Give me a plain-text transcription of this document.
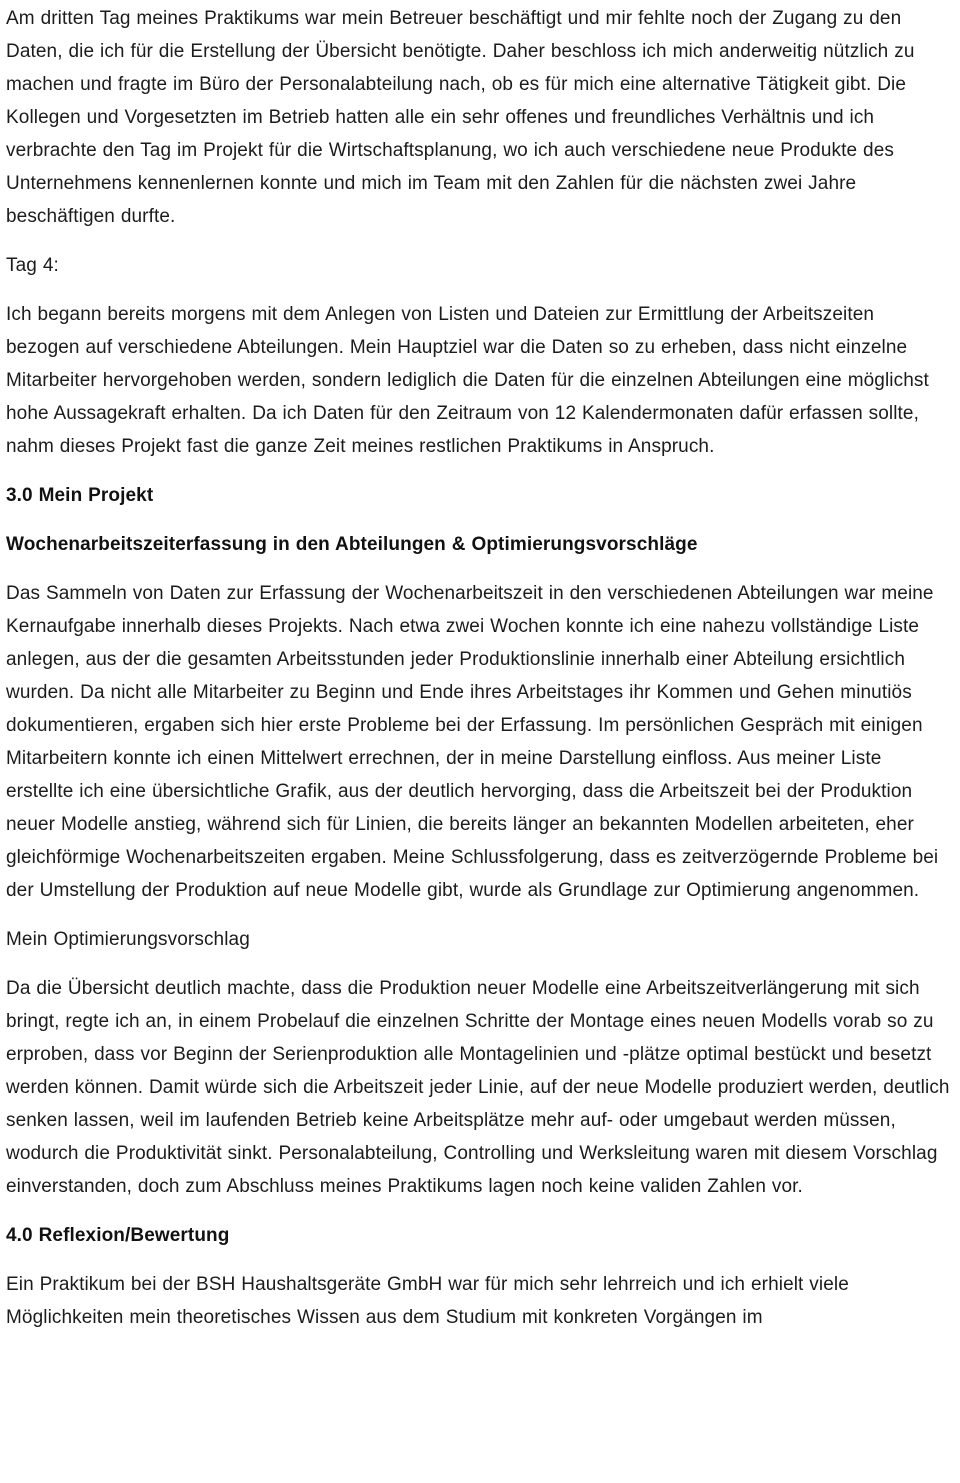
Am dritten Tag meines Praktikums war mein Betreuer beschäftigt und mir fehlte noch der Zugang zu den Daten, die ich für die Erstellung der Übersicht benötigte. Daher beschloss ich mich anderweitig nützlich zu machen und fragte im Büro der Personalabteilung nach, ob es für mich eine alternative Tätigkeit gibt. Die Kollegen und Vorgesetzten im Betrieb hatten alle ein sehr offenes und freundliches Verhältnis und ich verbrachte den Tag im Projekt für die Wirtschaftsplanung, wo ich auch verschiedene neue Produkte des Unternehmens kennenlernen konnte und mich im Team mit den Zahlen für die nächsten zwei Jahre beschäftigen durfte.

Tag 4:

Ich begann bereits morgens mit dem Anlegen von Listen und Dateien zur Ermittlung der Arbeitszeiten bezogen auf verschiedene Abteilungen. Mein Hauptziel war die Daten so zu erheben, dass nicht einzelne Mitarbeiter hervorgehoben werden, sondern lediglich die Daten für die einzelnen Abteilungen eine möglichst hohe Aussagekraft erhalten. Da ich Daten für den Zeitraum von 12 Kalendermonaten dafür erfassen sollte, nahm dieses Projekt fast die ganze Zeit meines restlichen Praktikums in Anspruch.

3.0 Mein Projekt

Wochenarbeitszeiterfassung in den Abteilungen & Optimierungsvorschläge

Das Sammeln von Daten zur Erfassung der Wochenarbeitszeit in den verschiedenen Abteilungen war meine Kernaufgabe innerhalb dieses Projekts. Nach etwa zwei Wochen konnte ich eine nahezu vollständige Liste anlegen, aus der die gesamten Arbeitsstunden jeder Produktionslinie innerhalb einer Abteilung ersichtlich wurden. Da nicht alle Mitarbeiter zu Beginn und Ende ihres Arbeitstages ihr Kommen und Gehen minutiös dokumentieren, ergaben sich hier erste Probleme bei der Erfassung. Im persönlichen Gespräch mit einigen Mitarbeitern konnte ich einen Mittelwert errechnen, der in meine Darstellung einfloss. Aus meiner Liste erstellte ich eine übersichtliche Grafik, aus der deutlich hervorging, dass die Arbeitszeit bei der Produktion neuer Modelle anstieg, während sich für Linien, die bereits länger an bekannten Modellen arbeiteten, eher gleichförmige Wochenarbeitszeiten ergaben. Meine Schlussfolgerung, dass es zeitverzögernde Probleme bei der Umstellung der Produktion auf neue Modelle gibt, wurde als Grundlage zur Optimierung angenommen.

Mein Optimierungsvorschlag

Da die Übersicht deutlich machte, dass die Produktion neuer Modelle eine Arbeitszeitverlängerung mit sich bringt, regte ich an, in einem Probelauf die einzelnen Schritte der Montage eines neuen Modells vorab so zu erproben, dass vor Beginn der Serienproduktion alle Montagelinien und -plätze optimal bestückt und besetzt werden können. Damit würde sich die Arbeitszeit jeder Linie, auf der neue Modelle produziert werden, deutlich senken lassen, weil im laufenden Betrieb keine Arbeitsplätze mehr auf- oder umgebaut werden müssen, wodurch die Produktivität sinkt. Personalabteilung, Controlling und Werksleitung waren mit diesem Vorschlag einverstanden, doch zum Abschluss meines Praktikums lagen noch keine validen Zahlen vor.

4.0 Reflexion/Bewertung

Ein Praktikum bei der BSH Haushaltsgeräte GmbH war für mich sehr lehrreich und ich erhielt viele Möglichkeiten mein theoretisches Wissen aus dem Studium mit konkreten Vorgängen im
